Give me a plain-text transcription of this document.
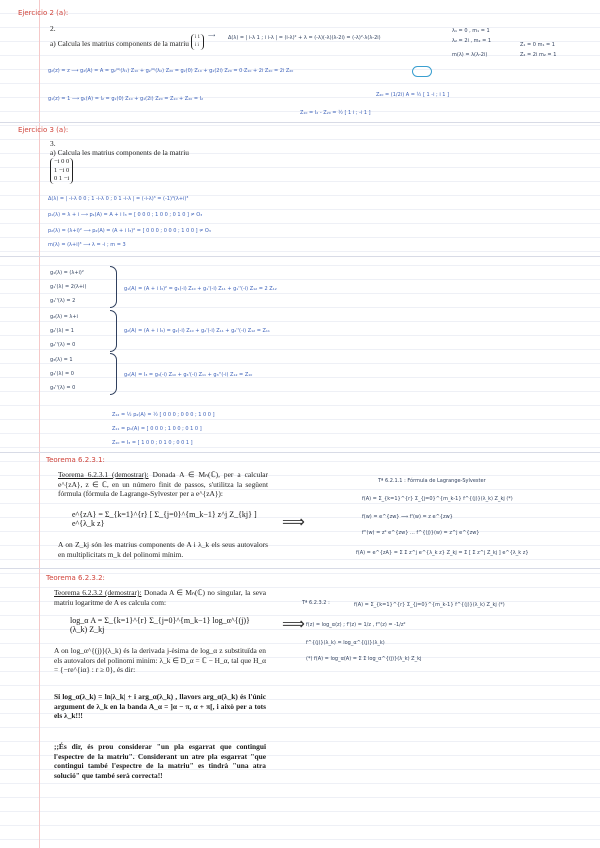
Ejercicio 2 (a):
2.
a) Calcula les matrius components de la matriu i 1
i i
⟶	Δ(λ) = | i-λ 1 ; i i-λ | = (i-λ)² + λ = (-λ)(-λ)(λ-2i) = (-λ)²·λ(λ-2i)
λ₁ = 0 , m₁ = 1
λ₂ = 2i , m₂ = 1
m(λ) = λ(λ-2i)
Z₁ = 0 m₁ = 1
Z₂ = 2i m₂ = 1
g₂(z) = z ⟶ g₂(A) = A = g₂⁽⁰⁾(λ₁) Z₁₀ + g₂⁽⁰⁾(λ₂) Z₂₀ = g₂(0) Z₁₀ + g₂(2i) Z₂₀ = 0·Z₁₀ + 2i Z₂₀ = 2i Z₂₀
g₁(z) = 1 ⟶ g₁(A) = I₂ = g₁(0) Z₁₀ + g₁(2i) Z₂₀ = Z₁₀ + Z₂₀ = I₂
Z₂₀ = (1/2i) A = ½ [ 1 -i ; i 1 ]
Z₁₀ = I₂ - Z₂₀ = ½ [ 1 i ; -i 1 ]
Ejercicio 3 (a):
3.
a) Calcula les matrius components de la matriu
−i 0 0
1 −i 0
0 1 −i
Δ(λ) = | -i-λ 0 0 ; 1 -i-λ 0 ; 0 1 -i-λ | = (-i-λ)³ = (-1)³(λ+i)³
p₁(λ) = λ + i ⟶ p₁(A) = A + i I₃ = [ 0 0 0 ; 1 0 0 ; 0 1 0 ] ≠ O₃
p₂(λ) = (λ+i)² ⟶ p₂(A) = (A + i I₃)² = [ 0 0 0 ; 0 0 0 ; 1 0 0 ] ≠ O₃
m(λ) = (λ+i)³ ⟶ λ = -i ; m = 3
g₁(λ) = (λ+i)²
g₁'(λ) = 2(λ+i)
g₁''(λ) = 2
g₂(λ) = λ+i
g₂'(λ) = 1
g₂''(λ) = 0
g₃(λ) = 1
g₃'(λ) = 0
g₃''(λ) = 0
g₁(A) = (A + i I₃)² = g₁(-i) Z₁₀ + g₁'(-i) Z₁₁ + g₁''(-i) Z₁₂ = 2 Z₁₂
g₂(A) = (A + i I₃) = g₂(-i) Z₁₀ + g₂'(-i) Z₁₁ + g₂''(-i) Z₁₂ = Z₁₁
g₃(A) = I₃ = g₃(-i) Z₁₀ + g₃'(-i) Z₁₁ + g₃''(-i) Z₁₂ = Z₁₀
Z₁₂ = ½ p₂(A) = ½ [ 0 0 0 ; 0 0 0 ; 1 0 0 ]
Z₁₁ = p₁(A) = [ 0 0 0 ; 1 0 0 ; 0 1 0 ]
Z₁₀ = I₃ = [ 1 0 0 ; 0 1 0 ; 0 0 1 ]
Teorema 6.2.3.1:
Teorema 6.2.3.1 (demostrar): Donada A ∈ Mₙ(ℂ), per a calcular e^{zA}, z ∈ ℂ, en un número finit de passos, s'utilitza la següent fórmula (fórmula de Lagrange-Sylvester per a e^{zA}):
e^{zA} = Σ_{k=1}^{r} [ Σ_{j=0}^{m_k−1} z^j Z_{kj} ] e^{λ_k z}
A on Z_kj són les matrius components de A i λ_k els seus autovalors en multiplicitats m_k del polinomi mínim.
⟹
Tª 6.2.1.1 : Fórmula de Lagrange-Sylvester
f(A) = Σ_{k=1}^{r} Σ_{j=0}^{m_k-1} f^{(j)}(λ_k) Z_kj (*)
f(w) = e^{zw} ⟹ f'(w) = z e^{zw}
f''(w) = z² e^{zw} ... f^{(j)}(w) = z^j e^{zw}
f(A) = e^{zA} = Σ Σ z^j e^{λ_k z} Z_kj = Σ [ Σ z^j Z_kj ] e^{λ_k z}
Teorema 6.2.3.2:
Teorema 6.2.3.2 (demostrar): Donada A ∈ Mₙ(ℂ) no singular, la seva matriu logaritme de A es calcula com:
log_α A = Σ_{k=1}^{r} Σ_{j=0}^{m_k−1} log_α^{(j)}(λ_k) Z_kj
A on log_α^{(j)}(λ_k) és la derivada j-èsima de log_α z substituïda en els autovalors del polinomi minim: λ_k ∈ D_α = ℂ − H_α, tal que H_α = {−re^{iα} : r ≥ 0}, és dir:
Si log_α(λ_k) = ln|λ_k| + i arg_α(λ_k) , llavors arg_α(λ_k) és l'únic argument de λ_k en la banda A_α = ]α − π, α + π[, i això per a tots els λ_k!!!
;;És dir, és prou considerar "un pla esgarrat que contingui l'espectre de la matriu". Considerant un atre pla esgarrat "que contingui també l'espectre de la matriu" es tindrà "una atra solució" que també serà correcta!!
⟹
Tª 6.2.3.2 :	f(A) = Σ_{k=1}^{r} Σ_{j=0}^{m_k-1} f^{(j)}(λ_k) Z_kj (*)
f(z) = log_α(z) ; f'(z) = 1/z , f''(z) = -1/z²
f^{(j)}(λ_k) = log_α^{(j)}(λ_k)
(*) f(A) = log_α(A) = Σ Σ log_α^{(j)}(λ_k) Z_kj
